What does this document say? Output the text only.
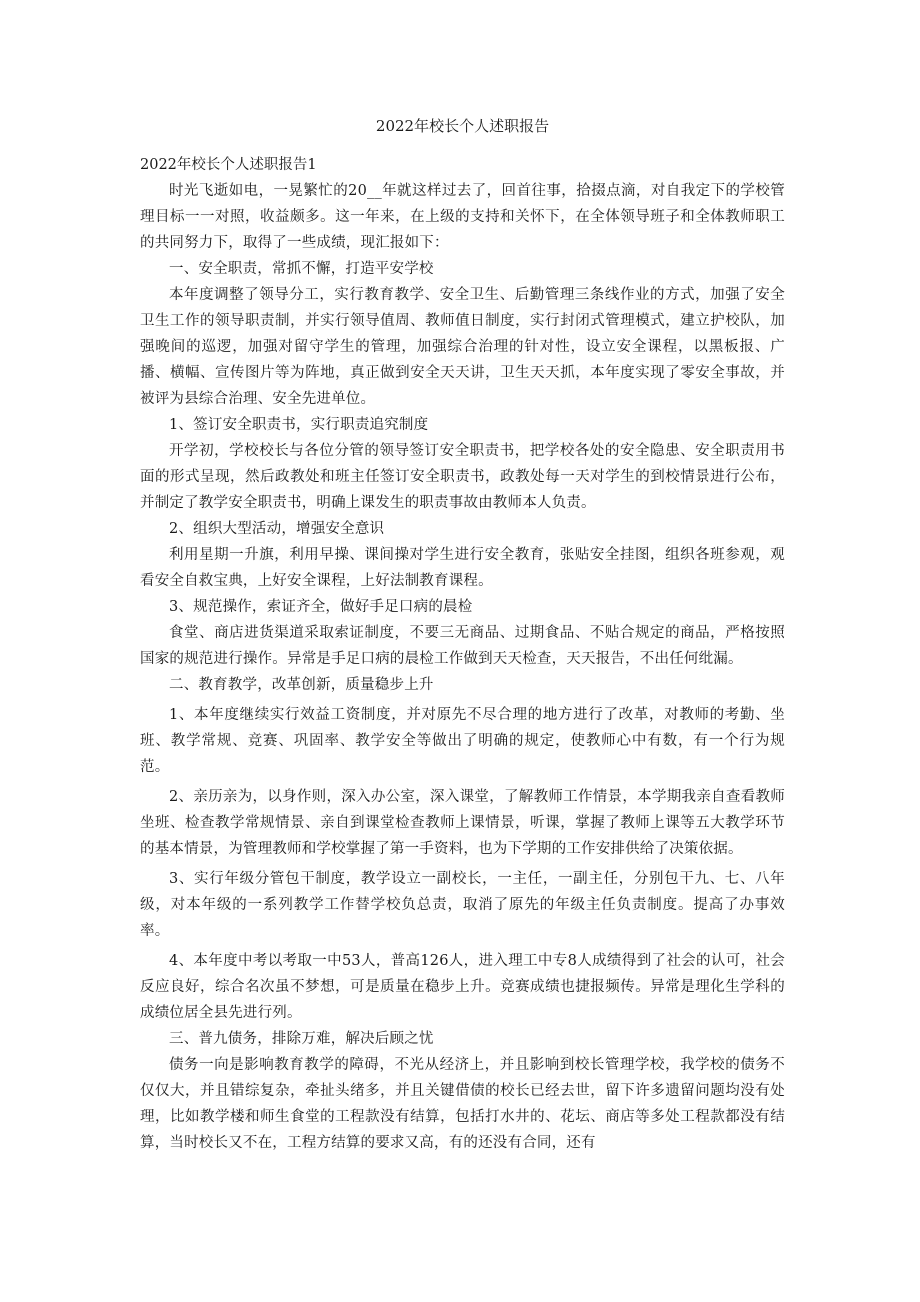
2022年校长个人述职报告

2022年校长个人述职报告1

时光飞逝如电，一晃繁忙的20__年就这样过去了，回首往事，拾掇点滴，对自我定下的学校管理目标一一对照，收益颇多。这一年来，在上级的支持和关怀下，在全体领导班子和全体教师职工的共同努力下，取得了一些成绩，现汇报如下：

一、安全职责，常抓不懈，打造平安学校

本年度调整了领导分工，实行教育教学、安全卫生、后勤管理三条线作业的方式，加强了安全卫生工作的领导职责制，并实行领导值周、教师值日制度，实行封闭式管理模式，建立护校队，加强晚间的巡逻，加强对留守学生的管理，加强综合治理的针对性，设立安全课程，以黑板报、广播、横幅、宣传图片等为阵地，真正做到安全天天讲，卫生天天抓，本年度实现了零安全事故，并被评为县综合治理、安全先进单位。

1、签订安全职责书，实行职责追究制度

开学初，学校校长与各位分管的领导签订安全职责书，把学校各处的安全隐患、安全职责用书面的形式呈现，然后政教处和班主任签订安全职责书，政教处每一天对学生的到校情景进行公布，并制定了教学安全职责书，明确上课发生的职责事故由教师本人负责。

2、组织大型活动，增强安全意识

利用星期一升旗，利用早操、课间操对学生进行安全教育，张贴安全挂图，组织各班参观，观看安全自救宝典，上好安全课程，上好法制教育课程。

3、规范操作，索证齐全，做好手足口病的晨检

食堂、商店进货渠道采取索证制度，不要三无商品、过期食品、不贴合规定的商品，严格按照国家的规范进行操作。异常是手足口病的晨检工作做到天天检查，天天报告，不出任何纰漏。

二、教育教学，改革创新，质量稳步上升

1、本年度继续实行效益工资制度，并对原先不尽合理的地方进行了改革，对教师的考勤、坐班、教学常规、竞赛、巩固率、教学安全等做出了明确的规定，使教师心中有数，有一个行为规范。

2、亲历亲为，以身作则，深入办公室，深入课堂，了解教师工作情景，本学期我亲自查看教师坐班、检查教学常规情景、亲自到课堂检查教师上课情景，听课，掌握了教师上课等五大教学环节的基本情景，为管理教师和学校掌握了第一手资料，也为下学期的工作安排供给了决策依据。

3、实行年级分管包干制度，教学设立一副校长，一主任，一副主任，分别包干九、七、八年级，对本年级的一系列教学工作替学校负总责，取消了原先的年级主任负责制度。提高了办事效率。

4、本年度中考以考取一中53人，普高126人，进入理工中专8人成绩得到了社会的认可，社会反应良好，综合名次虽不梦想，可是质量在稳步上升。竞赛成绩也捷报频传。异常是理化生学科的成绩位居全县先进行列。

三、普九债务，排除万难，解决后顾之忧

债务一向是影响教育教学的障碍，不光从经济上，并且影响到校长管理学校，我学校的债务不仅仅大，并且错综复杂，牵扯头绪多，并且关键借债的校长已经去世，留下许多遗留问题均没有处理，比如教学楼和师生食堂的工程款没有结算，包括打水井的、花坛、商店等多处工程款都没有结算，当时校长又不在，工程方结算的要求又高，有的还没有合同，还有
